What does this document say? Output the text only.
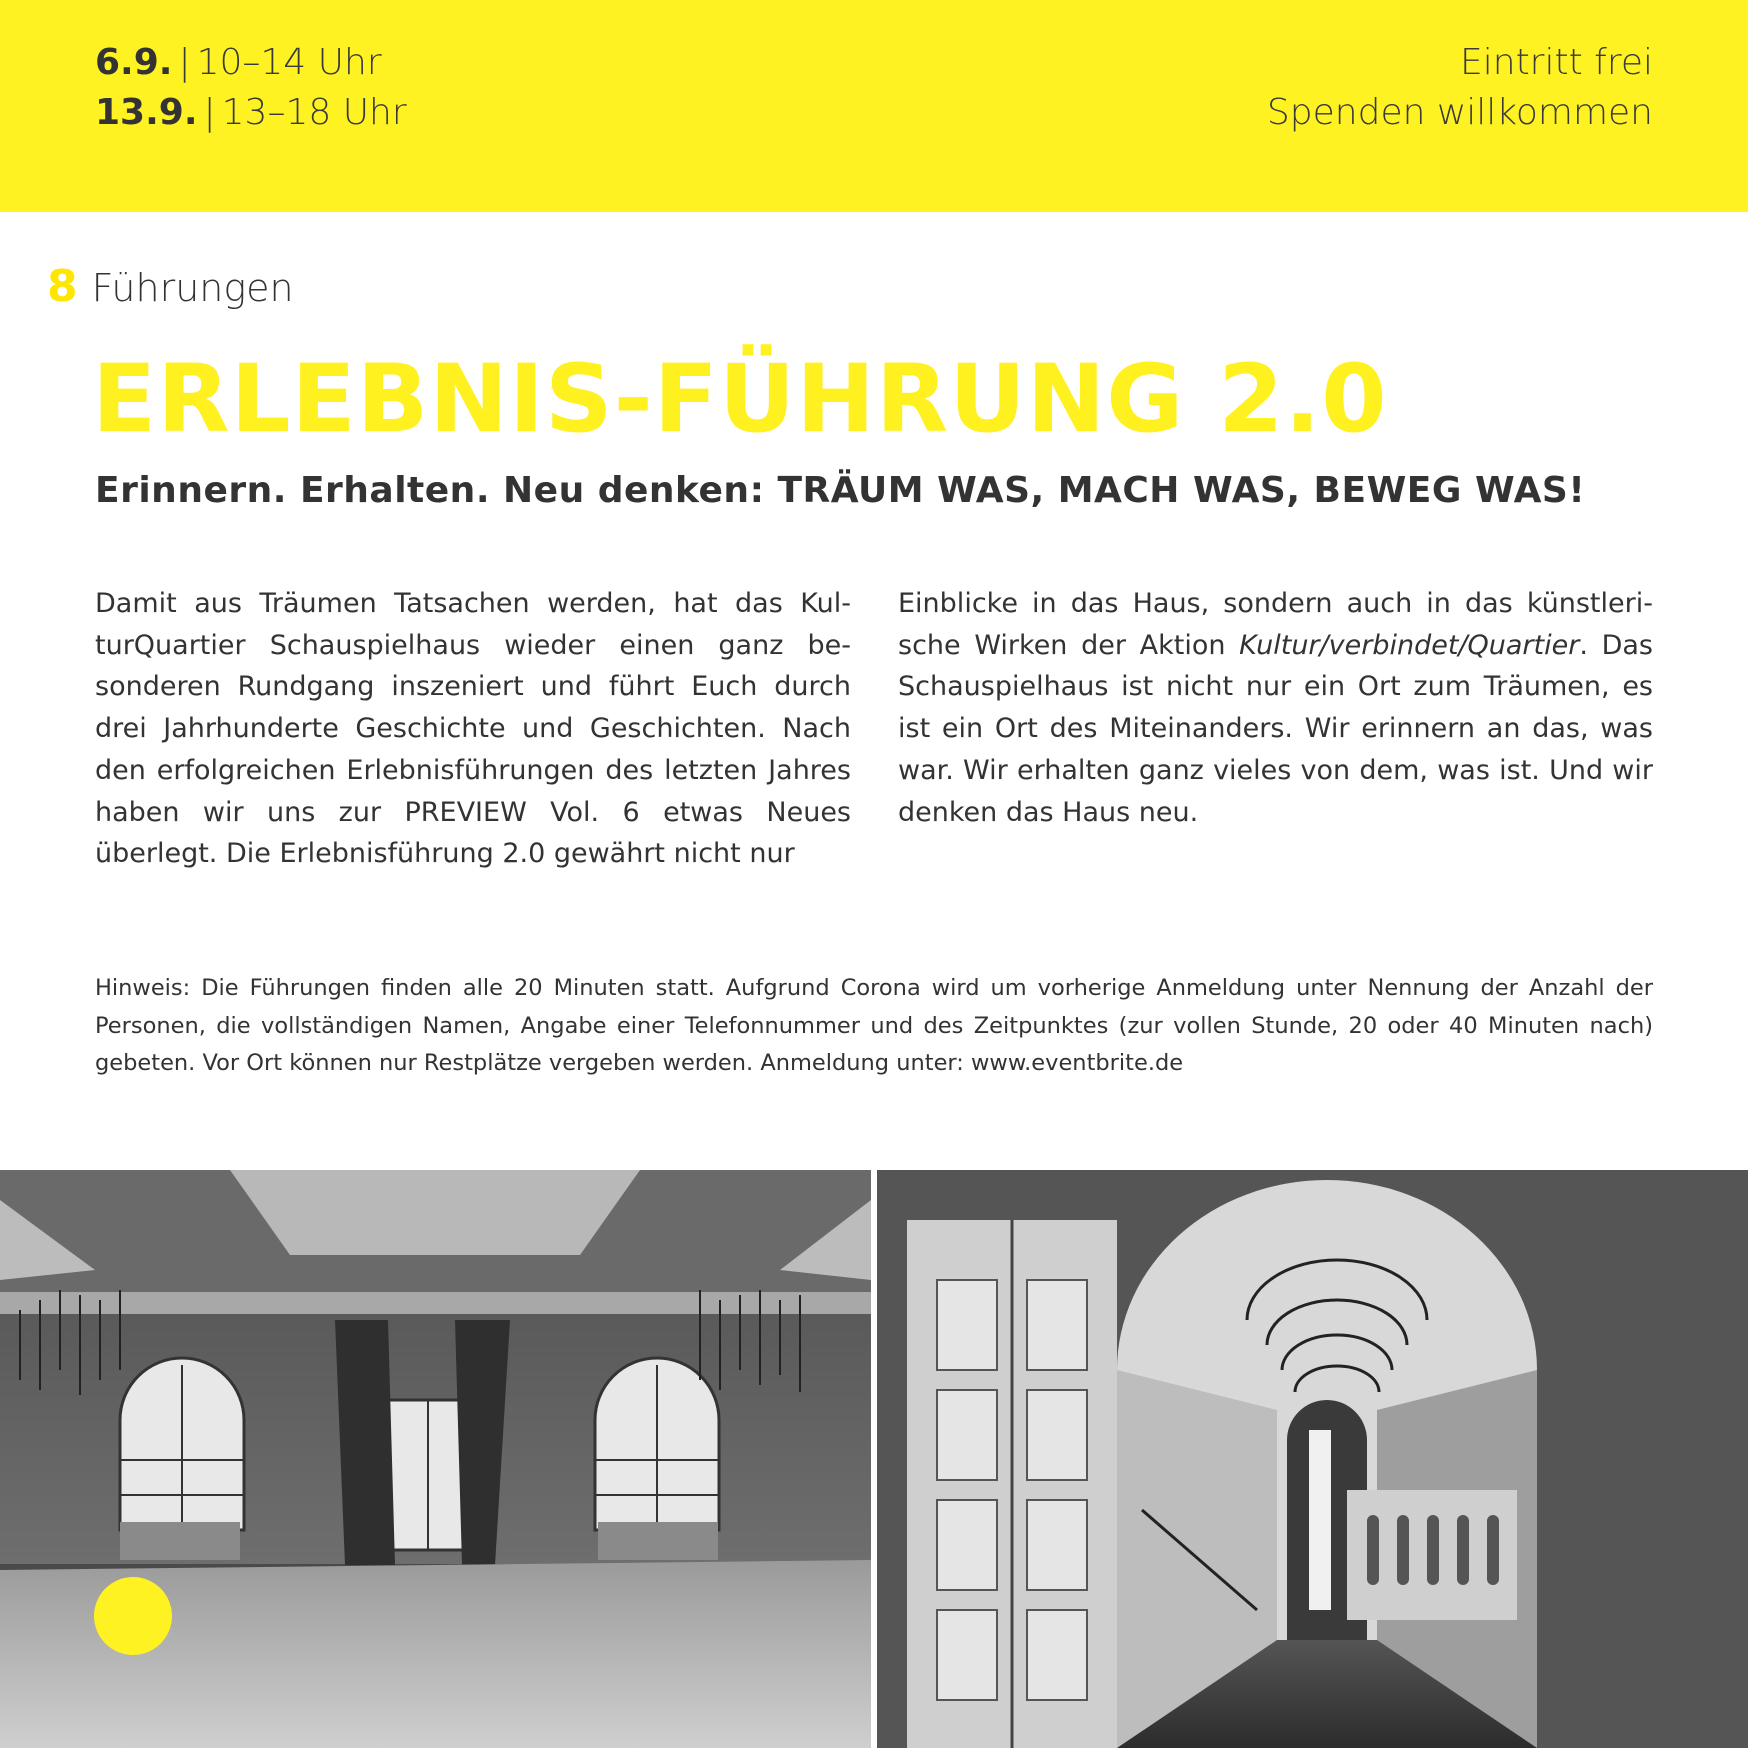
6.9. | 10–14 Uhr
13.9. | 13–18 Uhr
Eintritt frei
Spenden willkommen
8 Führungen
ERLEBNIS-FÜHRUNG 2.0
Erinnern. Erhalten. Neu denken: TRÄUM WAS, MACH WAS, BEWEG WAS!

Damit aus Träumen Tatsachen werden, hat das KulturQuartier Schauspielhaus wieder einen ganz besonderen Rundgang inszeniert und führt Euch durch drei Jahrhunderte Geschichte und Geschichten. Nach den erfolgreichen Erlebnisführungen des letzten Jahres haben wir uns zur PREVIEW Vol. 6 etwas Neues überlegt. Die Erlebnisführung 2.0 gewährt nicht nur

Einblicke in das Haus, sondern auch in das künstlerische Wirken der Aktion Kultur/verbindet/Quartier. Das Schauspielhaus ist nicht nur ein Ort zum Träumen, es ist ein Ort des Miteinanders. Wir erinnern an das, was war. Wir erhalten ganz vieles von dem, was ist. Und wir denken das Haus neu.

Hinweis: Die Führungen finden alle 20 Minuten statt. Aufgrund Corona wird um vorherige Anmeldung unter Nennung der Anzahl der Personen, die vollständigen Namen, Angabe einer Telefonnummer und des Zeitpunktes (zur vollen Stunde, 20 oder 40 Minuten nach) gebeten. Vor Ort können nur Restplätze vergeben werden. Anmeldung unter: www.eventbrite.de
© Christian Sünderwald
